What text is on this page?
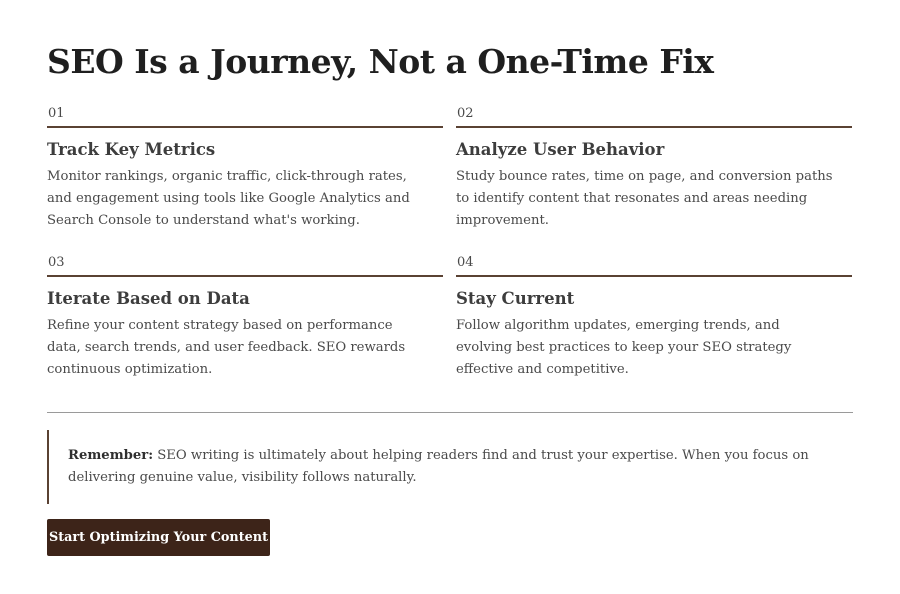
SEO Is a Journey, Not a One-Time Fix
01
Track Key Metrics

Monitor rankings, organic traffic, click-through rates, and engagement using tools like Google Analytics and Search Console to understand what's working.

02
Analyze User Behavior

Study bounce rates, time on page, and conversion paths to identify content that resonates and areas needing improvement.

03
Iterate Based on Data

Refine your content strategy based on performance data, search trends, and user feedback. SEO rewards continuous optimization.

04
Stay Current

Follow algorithm updates, emerging trends, and evolving best practices to keep your SEO strategy effective and competitive.

Remember: SEO writing is ultimately about helping readers find and trust your expertise. When you focus on delivering genuine value, visibility follows naturally.

Start Optimizing Your Content
